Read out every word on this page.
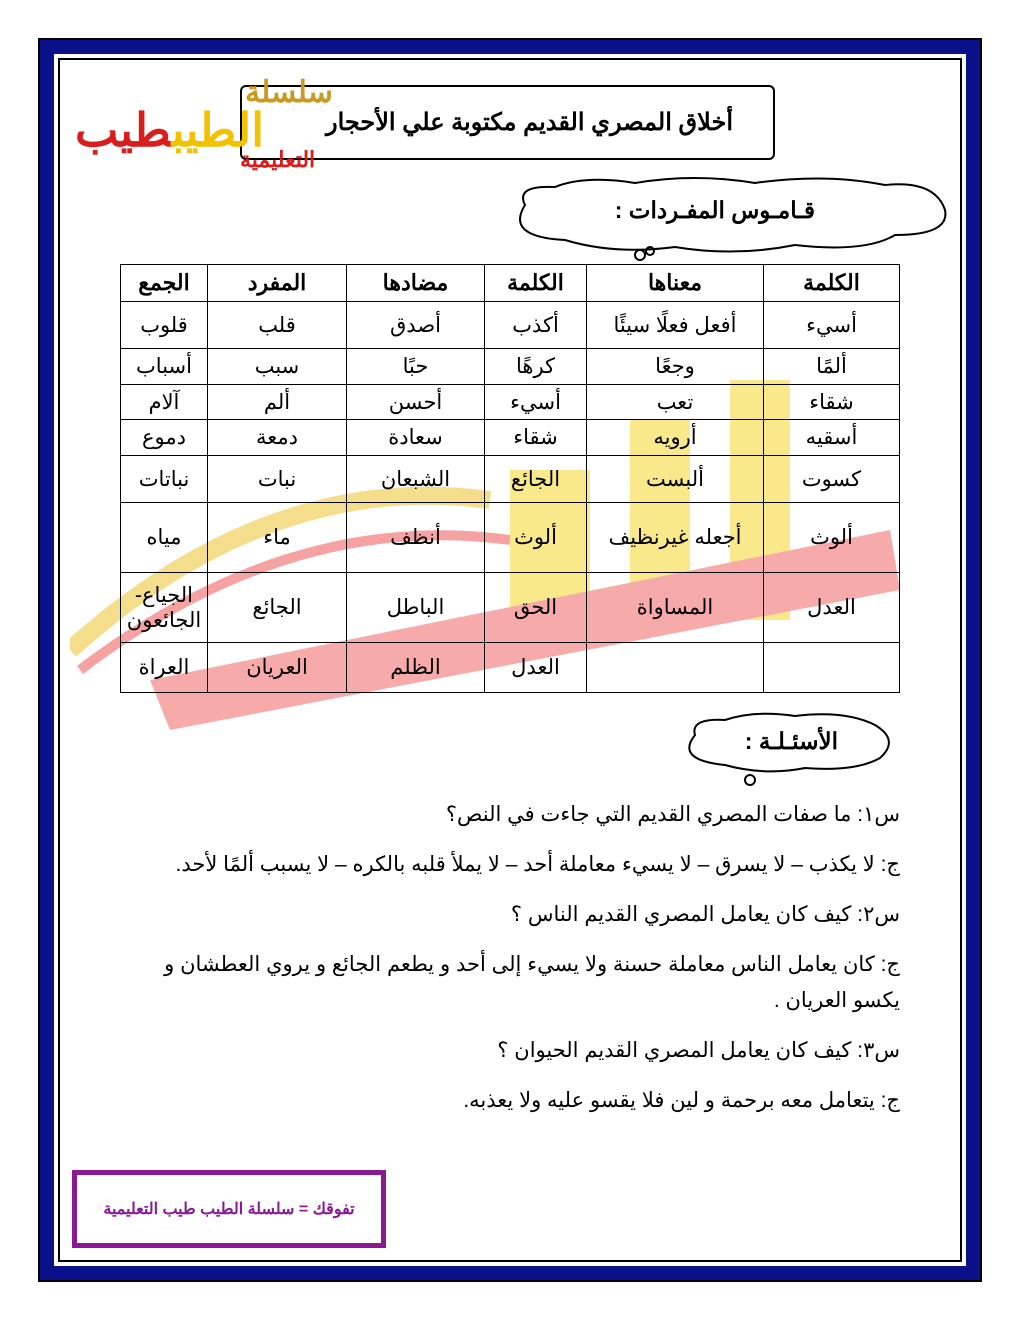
أخلاق المصري القديم مكتوبة علي الأحجار
سلسلة
الطيبطيب
التعليمية
قـامـوس المفـردات :
الكلمة	معناها	الكلمة	مضادها	المفرد	الجمع
أسيء	أفعل فعلًا سيئًا	أكذب	أصدق	قلب	قلوب
ألمًا	وجعًا	كرهًا	حبًا	سبب	أسباب
شقاء	تعب	أسيء	أحسن	ألم	آلام
أسقيه	أرويه	شقاء	سعادة	دمعة	دموع
كسوت	ألبست	الجائع	الشبعان	نبات	نباتات
ألوث	أجعله غيرنظيف	ألوث	أنظف	ماء	مياه
العدل	المساواة	الحق	الباطل	الجائع	الجياع- الجائعون
		العدل	الظلم	العريان	العراة
الأسئـلـة :

س١: ما صفات المصري القديم التي جاءت في النص؟

ج: لا يكذب – لا يسرق – لا يسيء معاملة أحد – لا يملأ قلبه بالكره – لا يسبب ألمًا لأحد.

س٢: كيف كان يعامل المصري القديم الناس ؟

ج: كان يعامل الناس معاملة حسنة ولا يسيء إلى أحد و يطعم الجائع و يروي العطشان و يكسو العريان .

س٣: كيف كان يعامل المصري القديم الحيوان ؟

ج: يتعامل معه برحمة و لين فلا يقسو عليه ولا يعذبه.

تفوقك = سلسلة الطيب طيب التعليمية
